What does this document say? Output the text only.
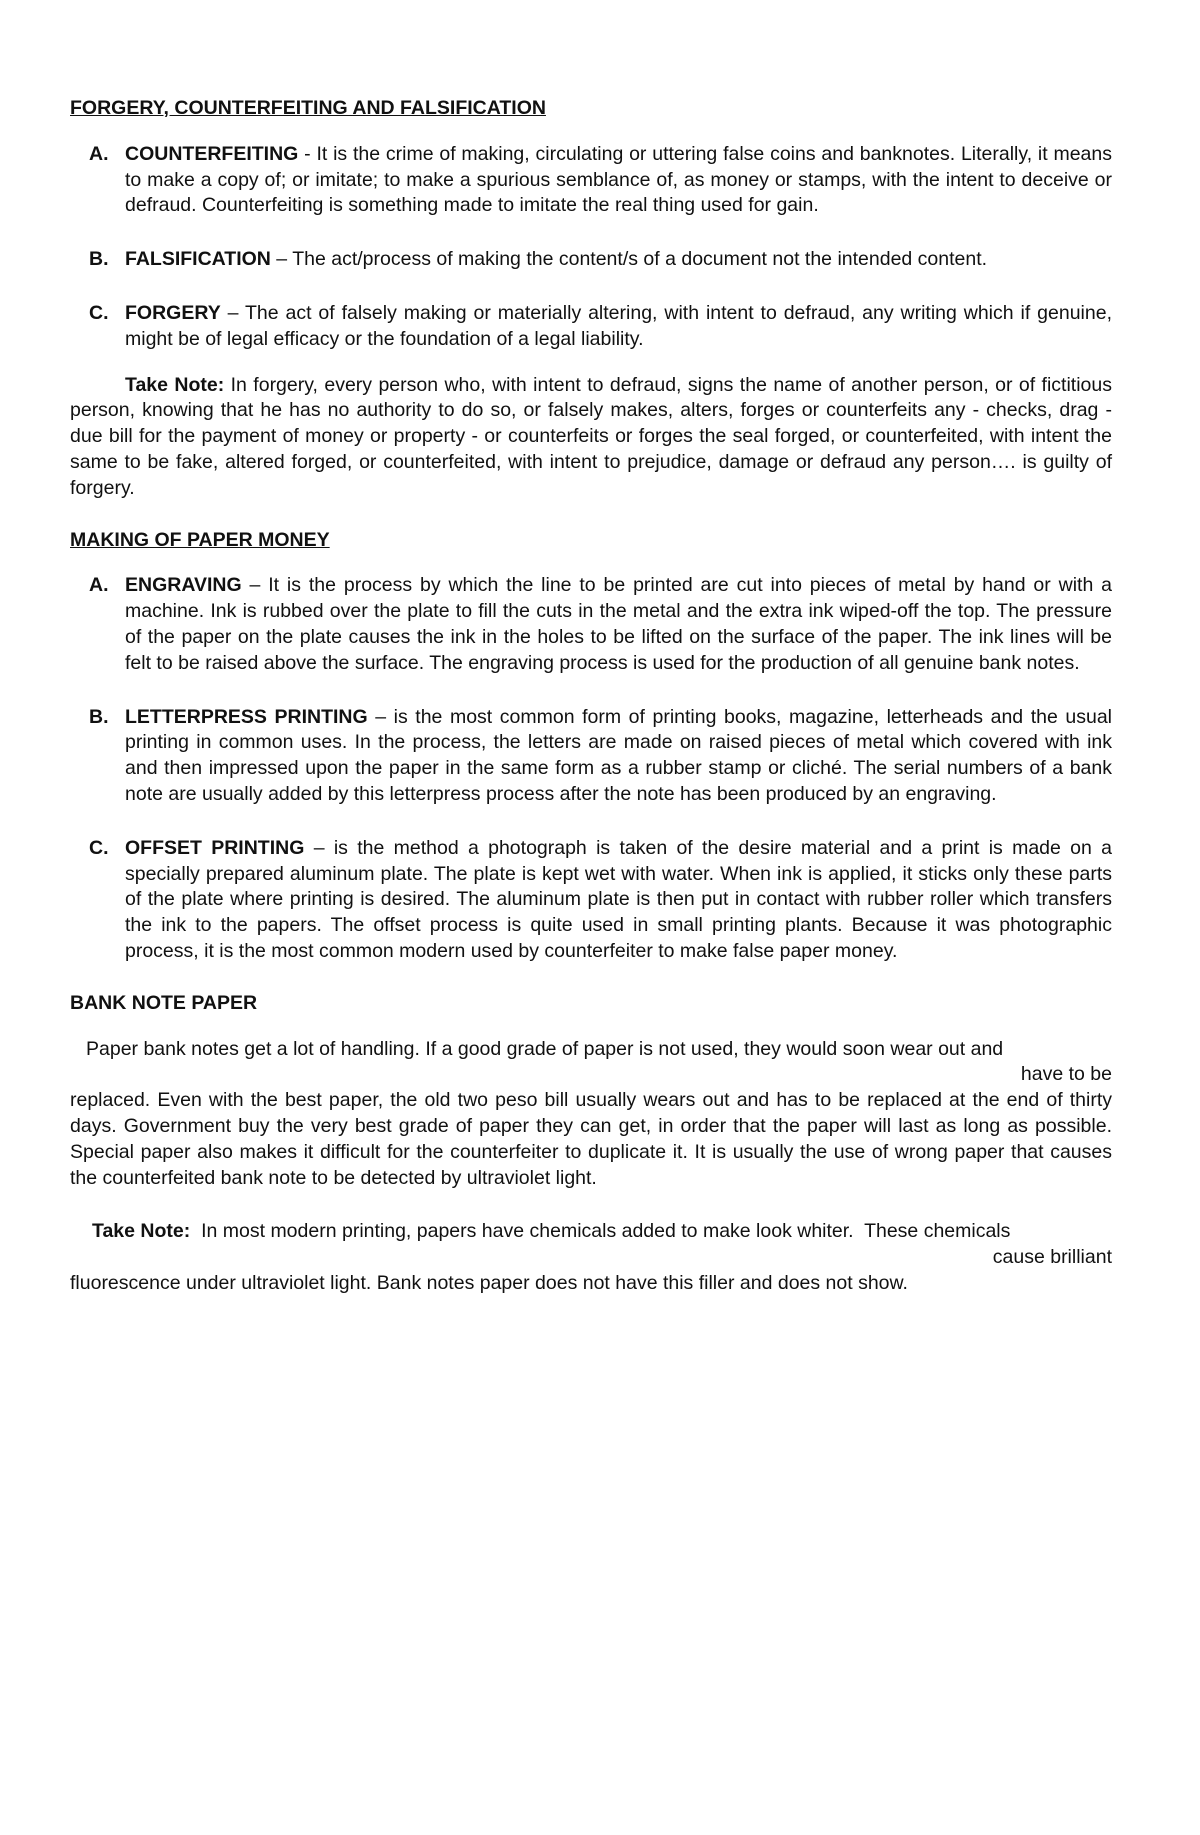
FORGERY, COUNTERFEITING AND FALSIFICATION
A. COUNTERFEITING - It is the crime of making, circulating or uttering false coins and banknotes. Literally, it means to make a copy of; or imitate; to make a spurious semblance of, as money or stamps, with the intent to deceive or defraud. Counterfeiting is something made to imitate the real thing used for gain.
B. FALSIFICATION – The act/process of making the content/s of a document not the intended content.
C. FORGERY – The act of falsely making or materially altering, with intent to defraud, any writing which if genuine, might be of legal efficacy or the foundation of a legal liability.
Take Note: In forgery, every person who, with intent to defraud, signs the name of another person, or of fictitious person, knowing that he has no authority to do so, or falsely makes, alters, forges or counterfeits any - checks, drag - due bill for the payment of money or property - or counterfeits or forges the seal forged, or counterfeited, with intent the same to be fake, altered forged, or counterfeited, with intent to prejudice, damage or defraud any person…. is guilty of forgery.
MAKING OF PAPER MONEY
A. ENGRAVING – It is the process by which the line to be printed are cut into pieces of metal by hand or with a machine. Ink is rubbed over the plate to fill the cuts in the metal and the extra ink wiped-off the top. The pressure of the paper on the plate causes the ink in the holes to be lifted on the surface of the paper. The ink lines will be felt to be raised above the surface. The engraving process is used for the production of all genuine bank notes.
B. LETTERPRESS PRINTING – is the most common form of printing books, magazine, letterheads and the usual printing in common uses. In the process, the letters are made on raised pieces of metal which covered with ink and then impressed upon the paper in the same form as a rubber stamp or cliché. The serial numbers of a bank note are usually added by this letterpress process after the note has been produced by an engraving.
C. OFFSET PRINTING – is the method a photograph is taken of the desire material and a print is made on a specially prepared aluminum plate. The plate is kept wet with water. When ink is applied, it sticks only these parts of the plate where printing is desired. The aluminum plate is then put in contact with rubber roller which transfers the ink to the papers. The offset process is quite used in small printing plants. Because it was photographic process, it is the most common modern used by counterfeiter to make false paper money.
BANK NOTE PAPER
Paper bank notes get a lot of handling. If a good grade of paper is not used, they would soon wear out and
have to be
replaced. Even with the best paper, the old two peso bill usually wears out and has to be replaced at the end of thirty days. Government buy the very best grade of paper they can get, in order that the paper will last as long as possible. Special paper also makes it difficult for the counterfeiter to duplicate it. It is usually the use of wrong paper that causes the counterfeited bank note to be detected by ultraviolet light.
Take Note:  In most modern printing, papers have chemicals added to make look whiter.  These chemicals
cause brilliant
fluorescence under ultraviolet light. Bank notes paper does not have this filler and does not show.
